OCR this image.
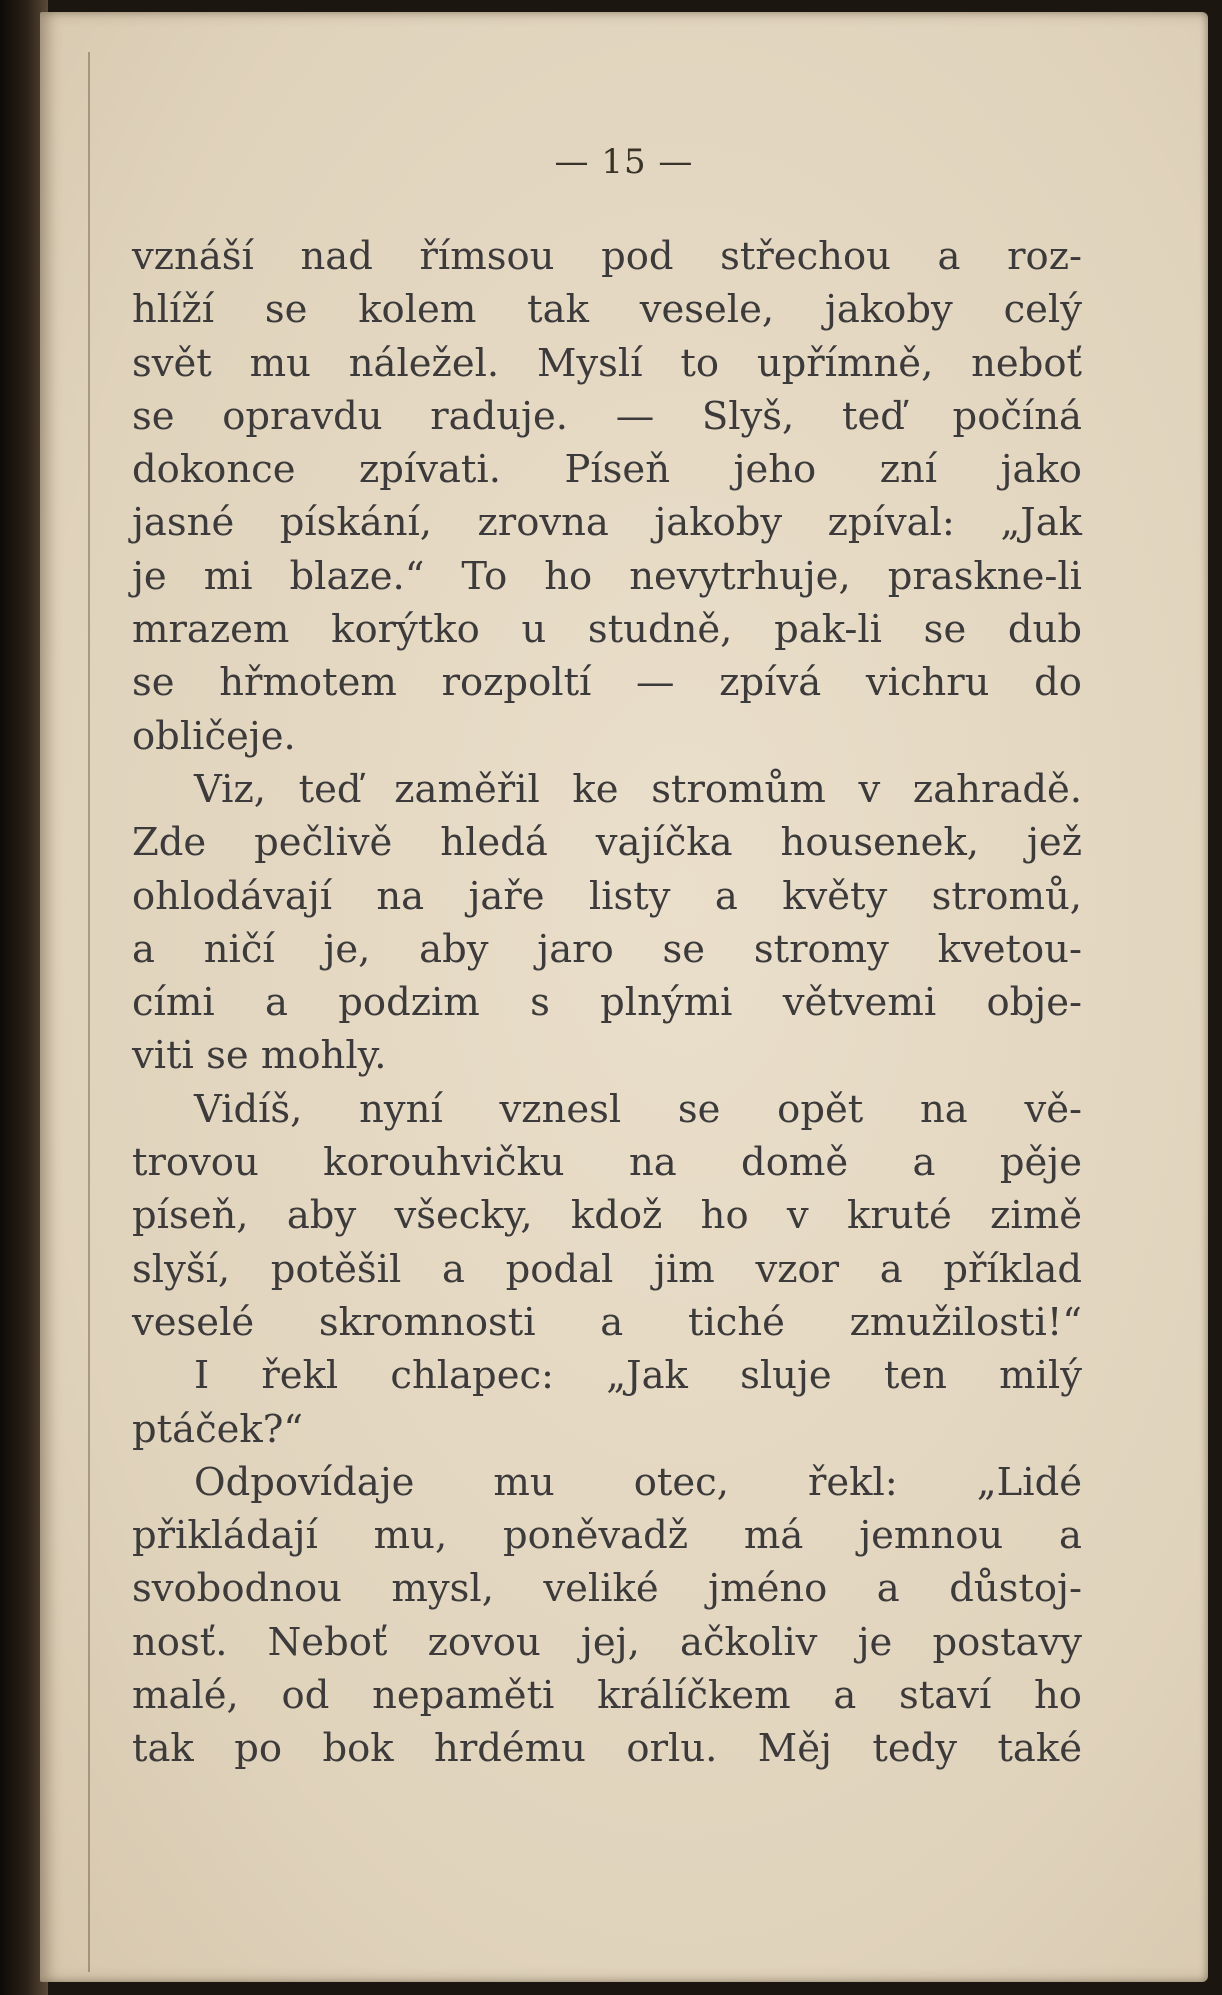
— 15 —
vznáší nad římsou pod střechou a roz-
hlíží se kolem tak vesele, jakoby celý
svět mu náležel. Myslí to upřímně, neboť
se opravdu raduje. — Slyš, teď počíná
dokonce zpívati. Píseň jeho zní jako
jasné pískání, zrovna jakoby zpíval: „Jak
je mi blaze.“ To ho nevytrhuje, praskne-li
mrazem korýtko u studně, pak-li se dub
se hřmotem rozpoltí — zpívá vichru do
obličeje.
Viz, teď zaměřil ke stromům v zahradě.
Zde pečlivě hledá vajíčka housenek, jež
ohlodávají na jaře listy a květy stromů,
a ničí je, aby jaro se stromy kvetou-
cími a podzim s plnými větvemi obje-
viti se mohly.
Vidíš, nyní vznesl se opět na vě-
trovou korouhvičku na domě a pěje
píseň, aby všecky, kdož ho v kruté zimě
slyší, potěšil a podal jim vzor a příklad
veselé skromnosti a tiché zmužilosti!“
I řekl chlapec: „Jak sluje ten milý
ptáček?“
Odpovídaje mu otec, řekl: „Lidé
přikládají mu, poněvadž má jemnou a
svobodnou mysl, veliké jméno a důstoj-
nosť. Neboť zovou jej, ačkoliv je postavy
malé, od nepaměti králíčkem a staví ho
tak po bok hrdému orlu. Měj tedy také
